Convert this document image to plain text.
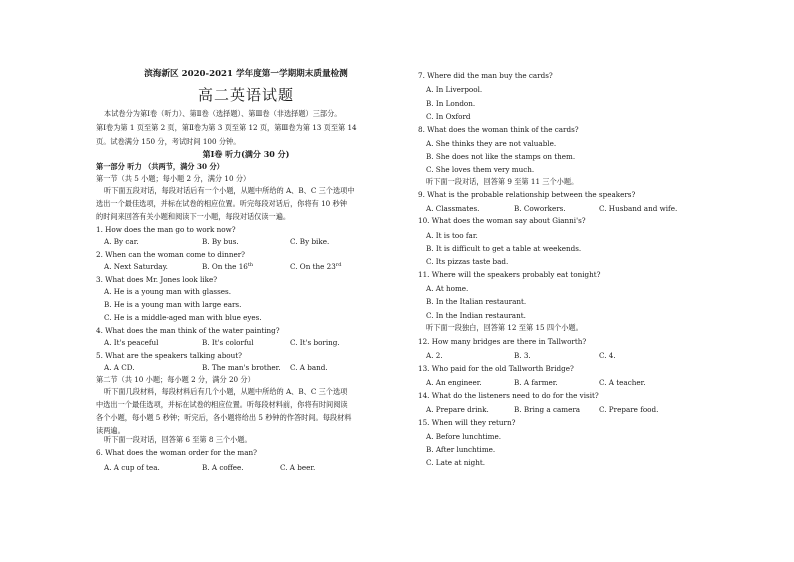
滨海新区 2020-2021 学年度第一学期期末质量检测
高二英语试题
本试卷分为第Ⅰ卷（听力）、第Ⅱ卷（选择题）、第Ⅲ卷（非选择题）三部分。
第Ⅰ卷为第 1 页至第 2 页，第Ⅱ卷为第 3 页至第 12 页，第Ⅲ卷为第 13 页至第 14
页。试卷满分 150 分，考试时间 100 分钟。
第Ⅰ卷 听力(满分 30 分)
第一部分 听力 （共两节，满分 30 分）
第一节（共 5 小题；每小题 2 分，满分 10 分）
听下面五段对话，每段对话后有一个小题，从题中所给的 A、B、C 三个选项中
选出一个最佳选项，并标在试卷的相应位置。听完每段对话后，你将有 10 秒钟
的时间来回答有关小题和阅读下一小题，每段对话仅读一遍。
1. How does the man go to work now?
A. By car.	B. By bus.	C. By bike.
2. When can the woman come to dinner?
A. Next Saturday.	B. On the 16th	C. On the 23rd
3. What does Mr. Jones look like?
A. He is a young man with glasses.
B. He is a young man with large ears.
C. He is a middle-aged man with blue eyes.
4. What does the man think of the water painting?
A. It's peaceful	B. It's colorful	C. It's boring.
5. What are the speakers talking about?
A. A CD.	B. The man's brother. C. A band.
第二节（共 10 小题；每小题 2 分，满分 20 分）
听下面几段材料，每段材料后有几个小题，从题中所给的 A、B、C 三个选项
中选出一个最佳选项，并标在试卷的相应位置。听每段材料前，你将有时间阅读
各个小题，每小题 5 秒钟；听完后，各小题将给出 5 秒钟的作答时间。每段材料
读两遍。
听下面一段对话，回答第 6 至第 8 三个小题。
6. What does the woman order for the man?
A. A cup of tea.	B. A coffee.	C. A beer.
7. Where did the man buy the cards?
A. In Liverpool.
B. In London.
C. In Oxford
8. What does the woman think of the cards?
A. She thinks they are not valuable.
B. She does not like the stamps on them.
C. She loves them very much.
听下面一段对话，回答第 9 至第 11 三个小题。
9. What is the probable relationship between the speakers?
A. Classmates.	B. Coworkers.	C. Husband and wife.
10. What does the woman say about Gianni's?
A. It is too far.
B. It is difficult to get a table at weekends.
C. Its pizzas taste bad.
11. Where will the speakers probably eat tonight?
A. At home.
B. In the Italian restaurant.
C. In the Indian restaurant.
听下面一段独白，回答第 12 至第 15 四个小题。
12. How many bridges are there in Tallworth?
A. 2.	B. 3.	C. 4.
13. Who paid for the old Tallworth Bridge?
A. An engineer.	B. A farmer.	C. A teacher.
14. What do the listeners need to do for the visit?
A. Prepare drink.	B. Bring a camera	C. Prepare food.
15. When will they return?
A. Before lunchtime.
B. After lunchtime.
C. Late at night.
